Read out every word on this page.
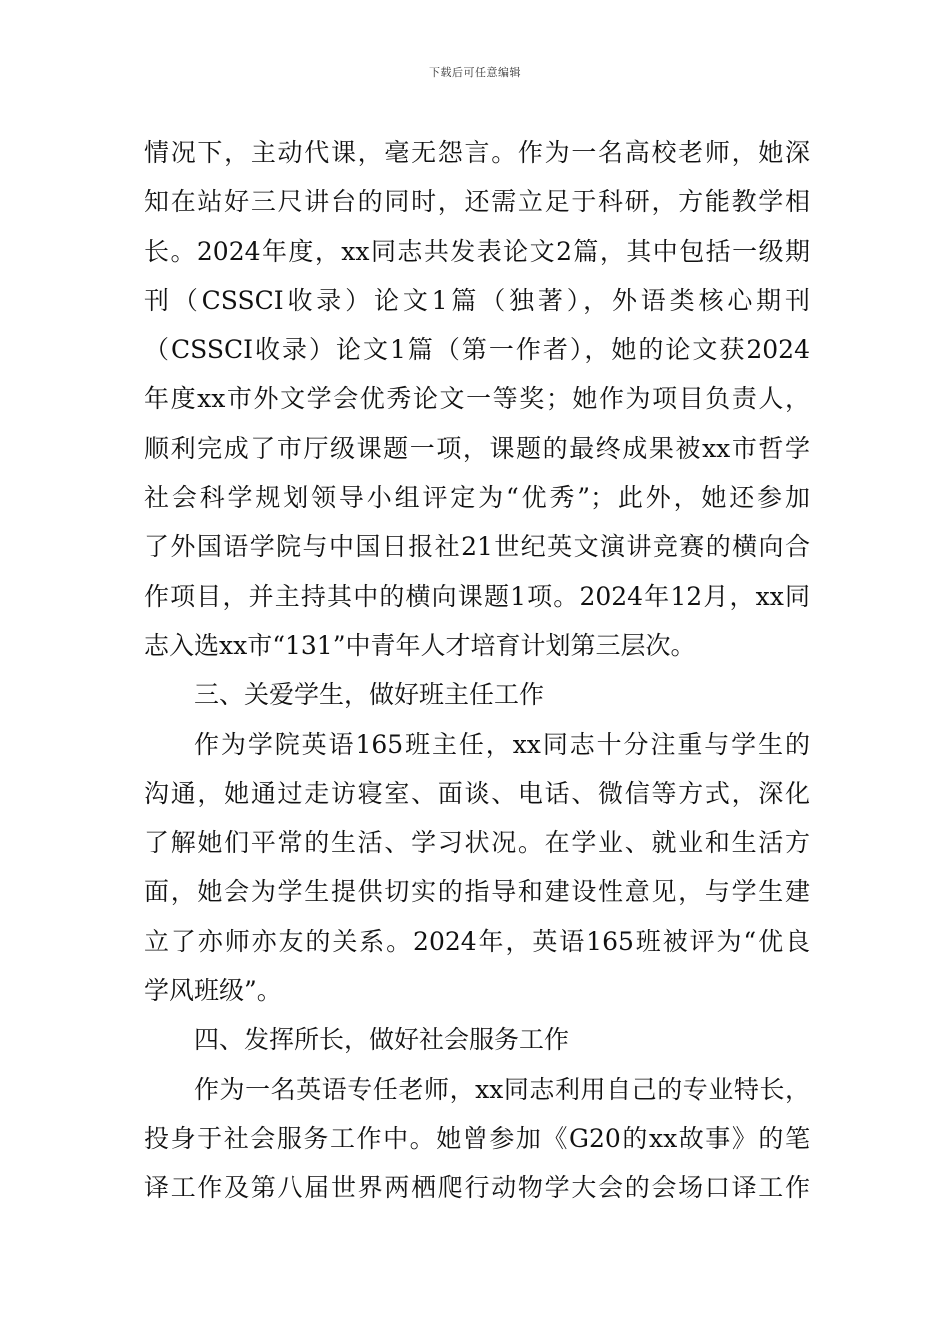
下载后可任意编辑
情况下，主动代课，毫无怨言。作为一名高校老师，她深
知在站好三尺讲台的同时，还需立足于科研，方能教学相
长。2024年度，xx同志共发表论文2篇，其中包括一级期
刊（CSSCI收录）论文1篇（独著），外语类核心期刊
（CSSCI收录）论文1篇（第一作者），她的论文获2024
年度xx市外文学会优秀论文一等奖；她作为项目负责人，
顺利完成了市厅级课题一项，课题的最终成果被xx市哲学
社会科学规划领导小组评定为“优秀”；此外，她还参加
了外国语学院与中国日报社21世纪英文演讲竞赛的横向合
作项目，并主持其中的横向课题1项。2024年12月，xx同
志入选xx市“131”中青年人才培育计划第三层次。
三、关爱学生，做好班主任工作
作为学院英语165班主任，xx同志十分注重与学生的
沟通，她通过走访寝室、面谈、电话、微信等方式，深化
了解她们平常的生活、学习状况。在学业、就业和生活方
面，她会为学生提供切实的指导和建设性意见，与学生建
立了亦师亦友的关系。2024年，英语165班被评为“优良
学风班级”。
四、发挥所长，做好社会服务工作
作为一名英语专任老师，xx同志利用自己的专业特长，
投身于社会服务工作中。她曾参加《G20的xx故事》的笔
译工作及第八届世界两栖爬行动物学大会的会场口译工作
